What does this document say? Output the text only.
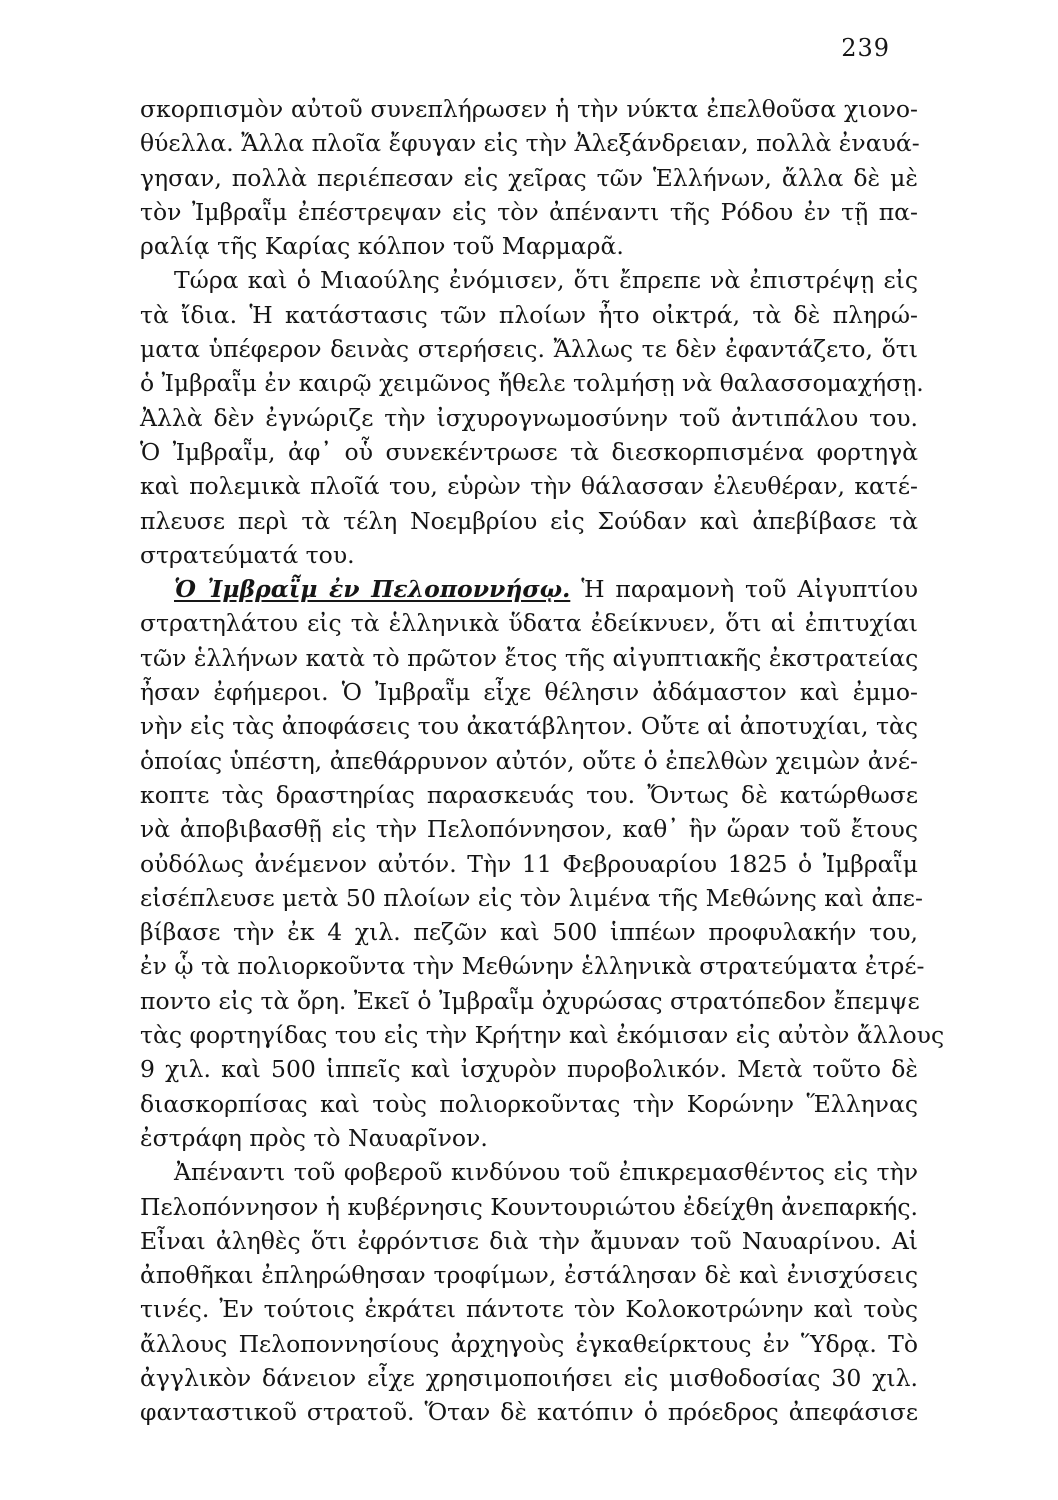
239
σκορπισμὸν αὐτοῦ συνεπλήρωσεν ἡ τὴν νύκτα ἐπελθοῦσα χιονο-
θύελλα. Ἄλλα πλοῖα ἔφυγαν εἰς τὴν Ἀλεξάνδρειαν, πολλὰ ἐναυά-
γησαν, πολλὰ περιέπεσαν εἰς χεῖρας τῶν Ἑλλήνων, ἄλλα δὲ μὲ
τὸν Ἰμβραῗμ ἐπέστρεψαν εἰς τὸν ἀπέναντι τῆς Ρόδου ἐν τῇ πα-
ραλίᾳ τῆς Καρίας κόλπον τοῦ Μαρμαρᾶ.
Τώρα καὶ ὁ Μιαούλης ἐνόμισεν, ὅτι ἔπρεπε νὰ ἐπιστρέψῃ εἰς
τὰ ἴδια. Ἡ κατάστασις τῶν πλοίων ἦτο οἰκτρά, τὰ δὲ πληρώ-
ματα ὑπέφερον δεινὰς στερήσεις. Ἄλλως τε δὲν ἐφαντάζετο, ὅτι
ὁ Ἰμβραῗμ ἐν καιρῷ χειμῶνος ἤθελε τολμήσῃ νὰ θαλασσομαχήσῃ.
Ἀλλὰ δὲν ἐγνώριζε τὴν ἰσχυρογνωμοσύνην τοῦ ἀντιπάλου του.
Ὁ Ἰμβραῗμ, ἀφ᾿ οὗ συνεκέντρωσε τὰ διεσκορπισμένα φορτηγὰ
καὶ πολεμικὰ πλοῖά του, εὑρὼν τὴν θάλασσαν ἐλευθέραν, κατέ-
πλευσε περὶ τὰ τέλη Νοεμβρίου εἰς Σούδαν καὶ ἀπεβίβασε τὰ
στρατεύματά του.
Ὁ Ἰμβραῗμ ἐν Πελοποννήσῳ. Ἡ παραμονὴ τοῦ Αἰγυπτίου
στρατηλάτου εἰς τὰ ἑλληνικὰ ὕδατα ἐδείκνυεν, ὅτι αἱ ἐπιτυχίαι
τῶν ἑλλήνων κατὰ τὸ πρῶτον ἔτος τῆς αἰγυπτιακῆς ἐκστρατείας
ἦσαν ἐφήμεροι. Ὁ Ἰμβραῗμ εἶχε θέλησιν ἀδάμαστον καὶ ἐμμο-
νὴν εἰς τὰς ἀποφάσεις του ἀκατάβλητον. Οὔτε αἱ ἀποτυχίαι, τὰς
ὁποίας ὑπέστη, ἀπεθάρρυνον αὐτόν, οὔτε ὁ ἐπελθὼν χειμὼν ἀνέ-
κοπτε τὰς δραστηρίας παρασκευάς του. Ὄντως δὲ κατώρθωσε
νὰ ἀποβιβασθῇ εἰς τὴν Πελοπόννησον, καθ᾿ ἣν ὥραν τοῦ ἔτους
οὐδόλως ἀνέμενον αὐτόν. Τὴν 11 Φεβρουαρίου 1825 ὁ Ἰμβραῗμ
εἰσέπλευσε μετὰ 50 πλοίων εἰς τὸν λιμένα τῆς Μεθώνης καὶ ἀπε-
βίβασε τὴν ἐκ 4 χιλ. πεζῶν καὶ 500 ἱππέων προφυλακήν του,
ἐν ᾧ τὰ πολιορκοῦντα τὴν Μεθώνην ἑλληνικὰ στρατεύματα ἐτρέ-
ποντο εἰς τὰ ὄρη. Ἐκεῖ ὁ Ἰμβραῗμ ὀχυρώσας στρατόπεδον ἔπεμψε
τὰς φορτηγίδας του εἰς τὴν Κρήτην καὶ ἐκόμισαν εἰς αὐτὸν ἄλλους
9 χιλ. καὶ 500 ἱππεῖς καὶ ἰσχυρὸν πυροβολικόν. Μετὰ τοῦτο δὲ
διασκορπίσας καὶ τοὺς πολιορκοῦντας τὴν Κορώνην Ἕλληνας
ἐστράφη πρὸς τὸ Ναυαρῖνον.
Ἀπέναντι τοῦ φοβεροῦ κινδύνου τοῦ ἐπικρεμασθέντος εἰς τὴν
Πελοπόννησον ἡ κυβέρνησις Κουντουριώτου ἐδείχθη ἀνεπαρκής.
Εἶναι ἀληθὲς ὅτι ἐφρόντισε διὰ τὴν ἄμυναν τοῦ Ναυαρίνου. Αἱ
ἀποθῆκαι ἐπληρώθησαν τροφίμων, ἐστάλησαν δὲ καὶ ἐνισχύσεις
τινές. Ἐν τούτοις ἐκράτει πάντοτε τὸν Κολοκοτρώνην καὶ τοὺς
ἄλλους Πελοποννησίους ἀρχηγοὺς ἐγκαθείρκτους ἐν Ὕδρᾳ. Τὸ
ἀγγλικὸν δάνειον εἶχε χρησιμοποιήσει εἰς μισθοδοσίας 30 χιλ.
φανταστικοῦ στρατοῦ. Ὅταν δὲ κατόπιν ὁ πρόεδρος ἀπεφάσισε
